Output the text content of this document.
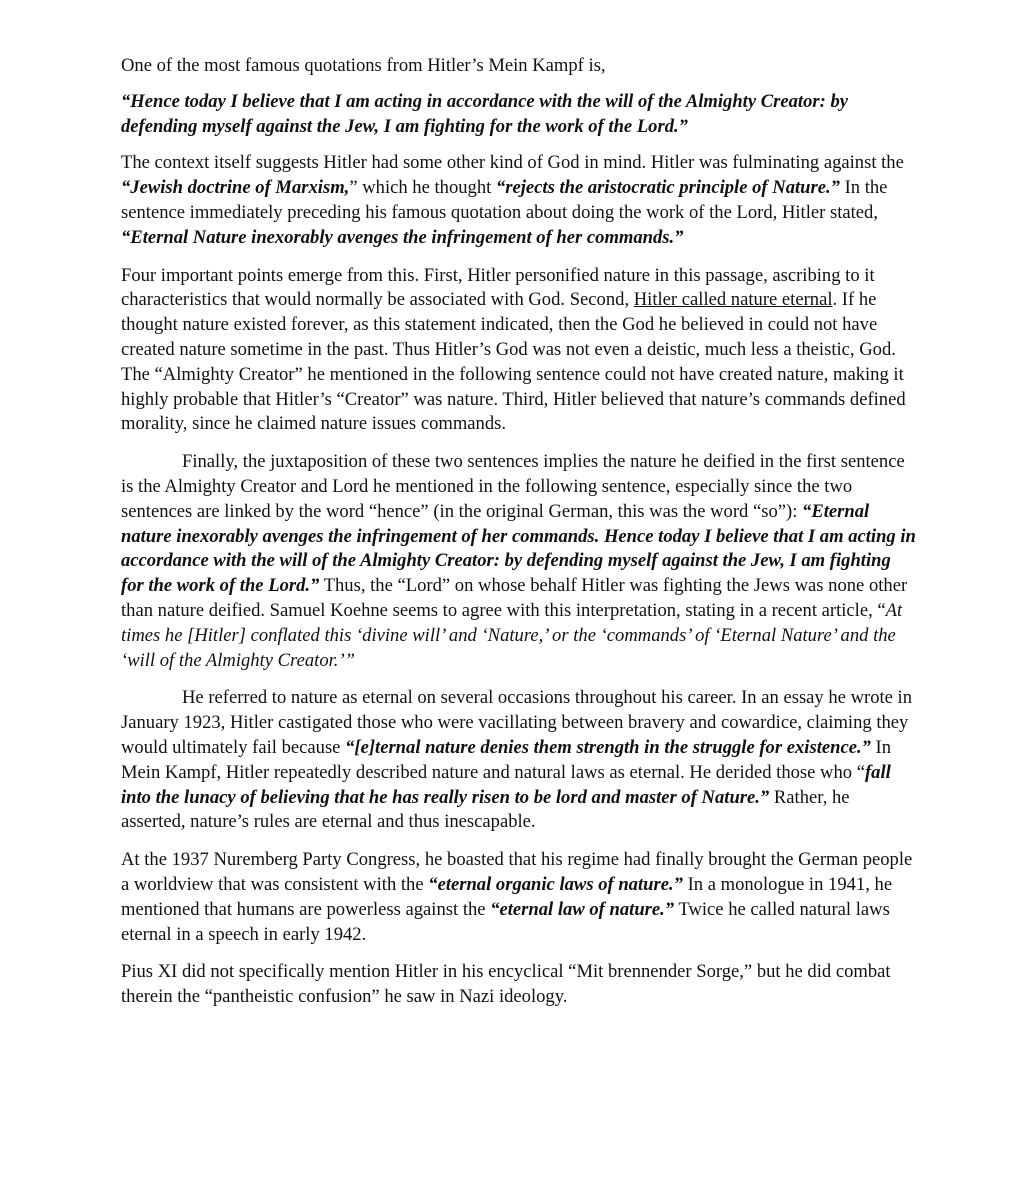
One of the most famous quotations from Hitler’s Mein Kampf is,

“Hence today I believe that I am acting in accordance with the will of the Almighty Creator: by defending myself against the Jew, I am fighting for the work of the Lord.”

The context itself suggests Hitler had some other kind of God in mind. Hitler was fulminating against the “Jewish doctrine of Marxism,” which he thought “rejects the aristocratic principle of Nature.” In the sentence immediately preceding his famous quotation about doing the work of the Lord, Hitler stated, “Eternal Nature inexorably avenges the infringement of her commands.”

Four important points emerge from this. First, Hitler personified nature in this passage, ascribing to it characteristics that would normally be associated with God. Second, Hitler called nature eternal. If he thought nature existed forever, as this statement indicated, then the God he believed in could not have created nature sometime in the past. Thus Hitler’s God was not even a deistic, much less a theistic, God. The “Almighty Creator” he mentioned in the following sentence could not have created nature, making it highly probable that Hitler’s “Creator” was nature. Third, Hitler believed that nature’s commands defined morality, since he claimed nature issues commands.

Finally, the juxtaposition of these two sentences implies the nature he deified in the first sentence is the Almighty Creator and Lord he mentioned in the following sentence, especially since the two sentences are linked by the word “hence” (in the original German, this was the word “so”): “Eternal nature inexorably avenges the infringement of her commands. Hence today I believe that I am acting in accordance with the will of the Almighty Creator: by defending myself against the Jew, I am fighting for the work of the Lord.” Thus, the “Lord” on whose behalf Hitler was fighting the Jews was none other than nature deified. Samuel Koehne seems to agree with this interpretation, stating in a recent article, “At times he [Hitler] conflated this ‘divine will’ and ‘Nature,’ or the ‘commands’ of ‘Eternal Nature’ and the ‘will of the Almighty Creator.’”

He referred to nature as eternal on several occasions throughout his career. In an essay he wrote in January 1923, Hitler castigated those who were vacillating between bravery and cowardice, claiming they would ultimately fail because “[e]ternal nature denies them strength in the struggle for existence.” In Mein Kampf, Hitler repeatedly described nature and natural laws as eternal. He derided those who “fall into the lunacy of believing that he has really risen to be lord and master of Nature.” Rather, he asserted, nature’s rules are eternal and thus inescapable.

At the 1937 Nuremberg Party Congress, he boasted that his regime had finally brought the German people a worldview that was consistent with the “eternal organic laws of nature.” In a monologue in 1941, he mentioned that humans are powerless against the “eternal law of nature.” Twice he called natural laws eternal in a speech in early 1942.

Pius XI did not specifically mention Hitler in his encyclical “Mit brennender Sorge,” but he did combat therein the “pantheistic confusion” he saw in Nazi ideology.
